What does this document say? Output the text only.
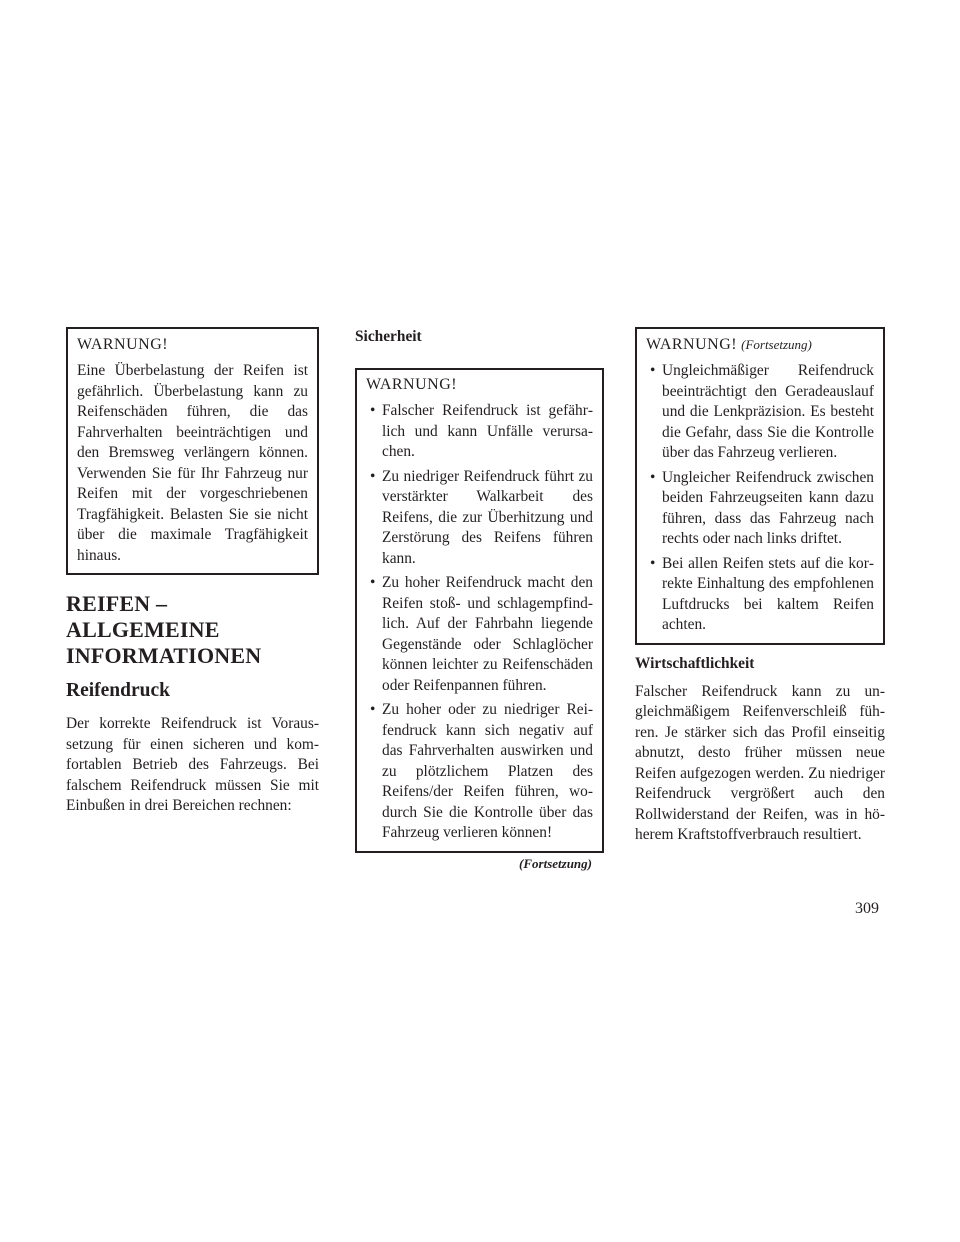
WARNUNG!

Eine Überbelastung der Reifen ist gefährlich. Überbelastung kann zu Reifenschäden führen, die das Fahrverhalten beeinträchtigen und den Bremsweg verlängern können. Verwenden Sie für Ihr Fahrzeug nur Reifen mit der vorgeschriebenen Tragfähigkeit. Belasten Sie sie nicht über die maximale Tragfähigkeit hinaus.

REIFEN – ALLGEMEINE INFORMATIONEN
Reifendruck

Der korrekte Reifendruck ist Voraussetzung für einen sicheren und komfortablen Betrieb des Fahrzeugs. Bei falschem Reifendruck müssen Sie mit Einbußen in drei Bereichen rechnen:

Sicherheit
WARNUNG!
• Falscher Reifendruck ist gefährlich und kann Unfälle verursachen.
• Zu niedriger Reifendruck führt zu verstärkter Walkarbeit des Reifens, die zur Überhitzung und Zerstörung des Reifens führen kann.
• Zu hoher Reifendruck macht den Reifen stoß- und schlagempfindlich. Auf der Fahrbahn liegende Gegenstände oder Schlaglöcher können leichter zu Reifenschäden oder Reifenpannen führen.
• Zu hoher oder zu niedriger Reifendruck kann sich negativ auf das Fahrverhalten auswirken und zu plötzlichem Platzen des Reifens/der Reifen führen, wodurch Sie die Kontrolle über das Fahrzeug verlieren können!
(Fortsetzung)
WARNUNG! (Fortsetzung)
• Ungleichmäßiger Reifendruck beeinträchtigt den Geradeauslauf und die Lenkpräzision. Es besteht die Gefahr, dass Sie die Kontrolle über das Fahrzeug verlieren.
• Ungleicher Reifendruck zwischen beiden Fahrzeugseiten kann dazu führen, dass das Fahrzeug nach rechts oder nach links driftet.
• Bei allen Reifen stets auf die korrekte Einhaltung des empfohlenen Luftdrucks bei kaltem Reifen achten.
Wirtschaftlichkeit

Falscher Reifendruck kann zu ungleichmäßigem Reifenverschleiß führen. Je stärker sich das Profil einseitig abnutzt, desto früher müssen neue Reifen aufgezogen werden. Zu niedriger Reifendruck vergrößert auch den Rollwiderstand der Reifen, was in höherem Kraftstoffverbrauch resultiert.

309
